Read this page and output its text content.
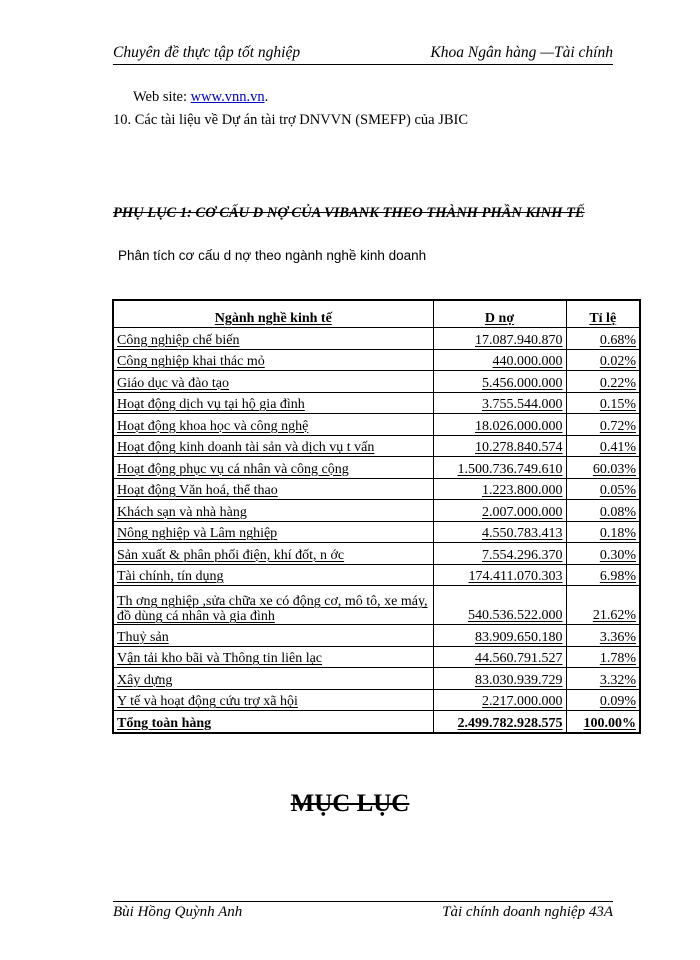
Chuyên đề thực tập tốt nghiệp	Khoa Ngân hàng —Tài chính
Web site: www.vnn.vn.
10. Các tài liệu về Dự án tài trợ DNVVN (SMEFP) của JBIC
PHỤ LỤC 1: CƠ CẤU D NỢ CỦA VIBANK THEO THÀNH PHẦN KINH TẾ
Phân tích cơ cấu d nợ theo ngành nghề kinh doanh
Ngành nghề kinh tế	D nợ	Tỉ lệ
Công nghiệp chế biến	17.087.940.870	0.68%
Công nghiệp khai thác mỏ	440.000.000	0.02%
Giáo dục và đào tạo	5.456.000.000	0.22%
Hoạt động dịch vụ tại hộ gia đình	3.755.544.000	0.15%
Hoạt động khoa học và công nghệ	18.026.000.000	0.72%
Hoạt động kinh doanh tài sản và dịch vụ t vấn	10.278.840.574	0.41%
Hoạt động phục vụ cá nhân và công cộng	1.500.736.749.610	60.03%
Hoạt động Văn hoá, thể thao	1.223.800.000	0.05%
Khách sạn và nhà hàng	2.007.000.000	0.08%
Nông nghiệp và Lâm nghiệp	4.550.783.413	0.18%
Sản xuất & phân phối điện, khí đốt, n ớc	7.554.296.370	0.30%
Tài chính, tín dụng	174.411.070.303	6.98%
Th ơng nghiệp ,sửa chữa xe có động cơ, mô tô, xe máy, đồ dùng cá nhân và gia đình	540.536.522.000	21.62%
Thuỷ sản	83.909.650.180	3.36%
Vận tải kho bãi và Thông tin liên lạc	44.560.791.527	1.78%
Xây dựng	83.030.939.729	3.32%
Y tế và hoạt động cứu trợ xã hội	2.217.000.000	0.09%
Tổng toàn hàng	2.499.782.928.575	100.00%
MỤC LỤC
Bùi Hồng Quỳnh Anh	Tài chính doanh nghiệp 43A
